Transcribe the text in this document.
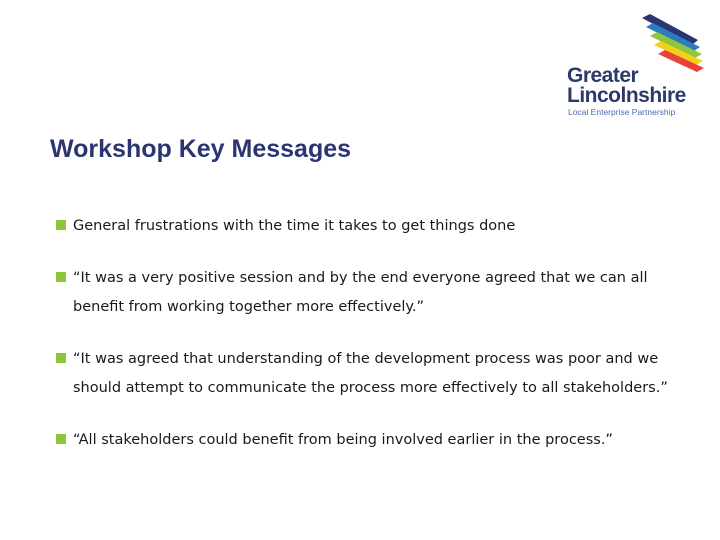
Greater
Lincolnshire
Local Enterprise Partnership
Workshop Key Messages
General frustrations with the time it takes to get things done
“It was a very positive session and by the end everyone agreed that we can all benefit from working together more effectively.”
“It was agreed that understanding of the development process was poor and we should attempt to communicate the process more effectively to all stakeholders.”
“All stakeholders could benefit from being involved earlier in the process.”
